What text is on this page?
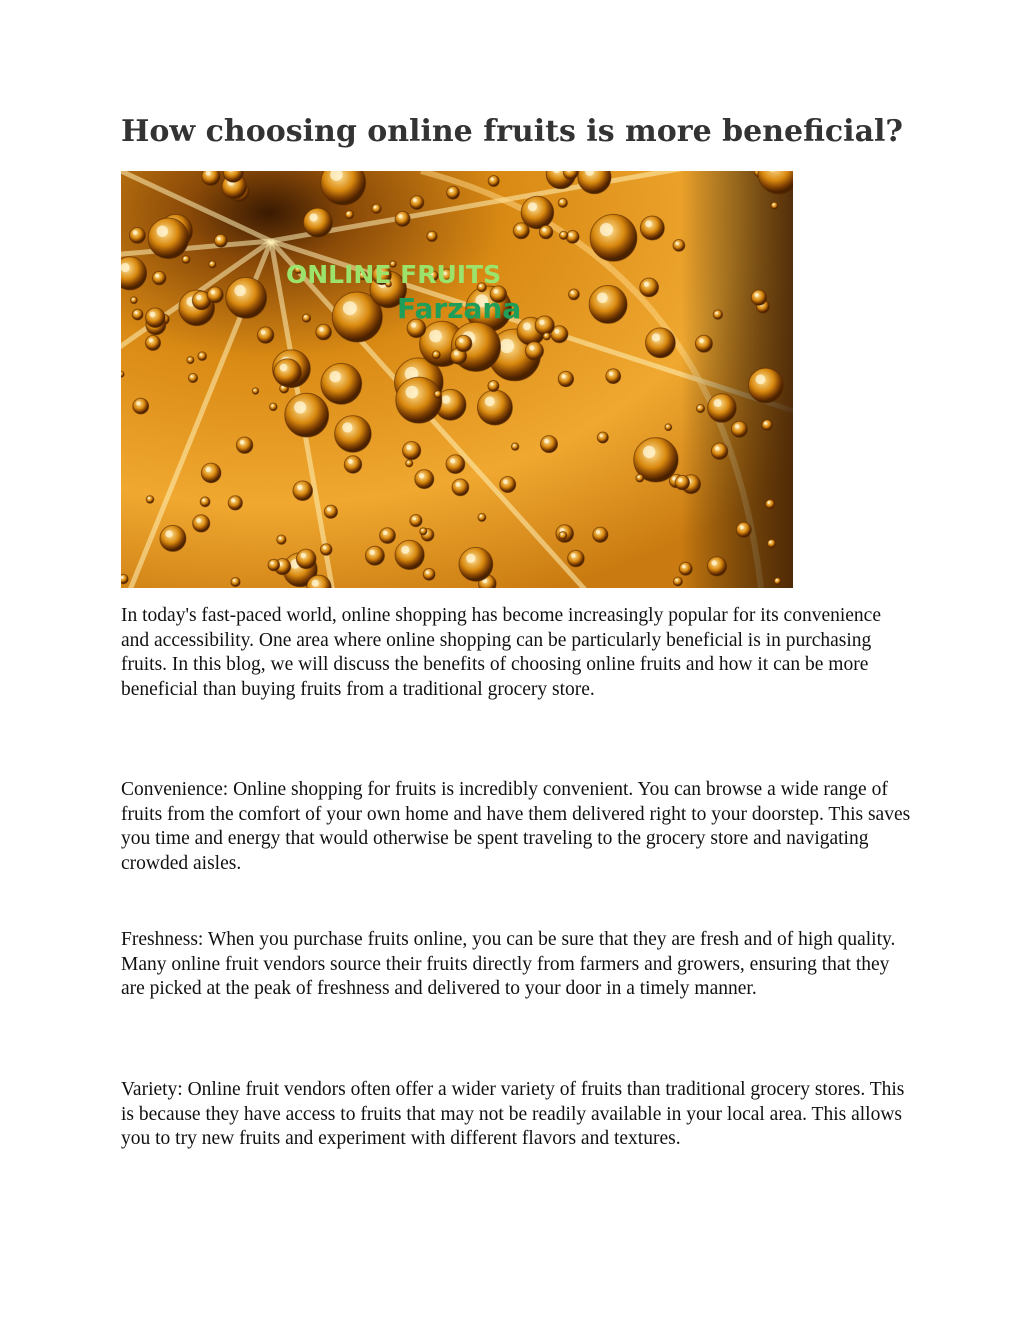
How choosing online fruits is more beneficial?
ONLINE FRUITS
Farzana

In today's fast-paced world, online shopping has become increasingly popular for its convenience and accessibility. One area where online shopping can be particularly beneficial is in purchasing fruits. In this blog, we will discuss the benefits of choosing online fruits and how it can be more beneficial than buying fruits from a traditional grocery store.

Convenience: Online shopping for fruits is incredibly convenient. You can browse a wide range of fruits from the comfort of your own home and have them delivered right to your doorstep. This saves you time and energy that would otherwise be spent traveling to the grocery store and navigating crowded aisles.

Freshness: When you purchase fruits online, you can be sure that they are fresh and of high quality. Many online fruit vendors source their fruits directly from farmers and growers, ensuring that they are picked at the peak of freshness and delivered to your door in a timely manner.

Variety: Online fruit vendors often offer a wider variety of fruits than traditional grocery stores. This is because they have access to fruits that may not be readily available in your local area. This allows you to try new fruits and experiment with different flavors and textures.
